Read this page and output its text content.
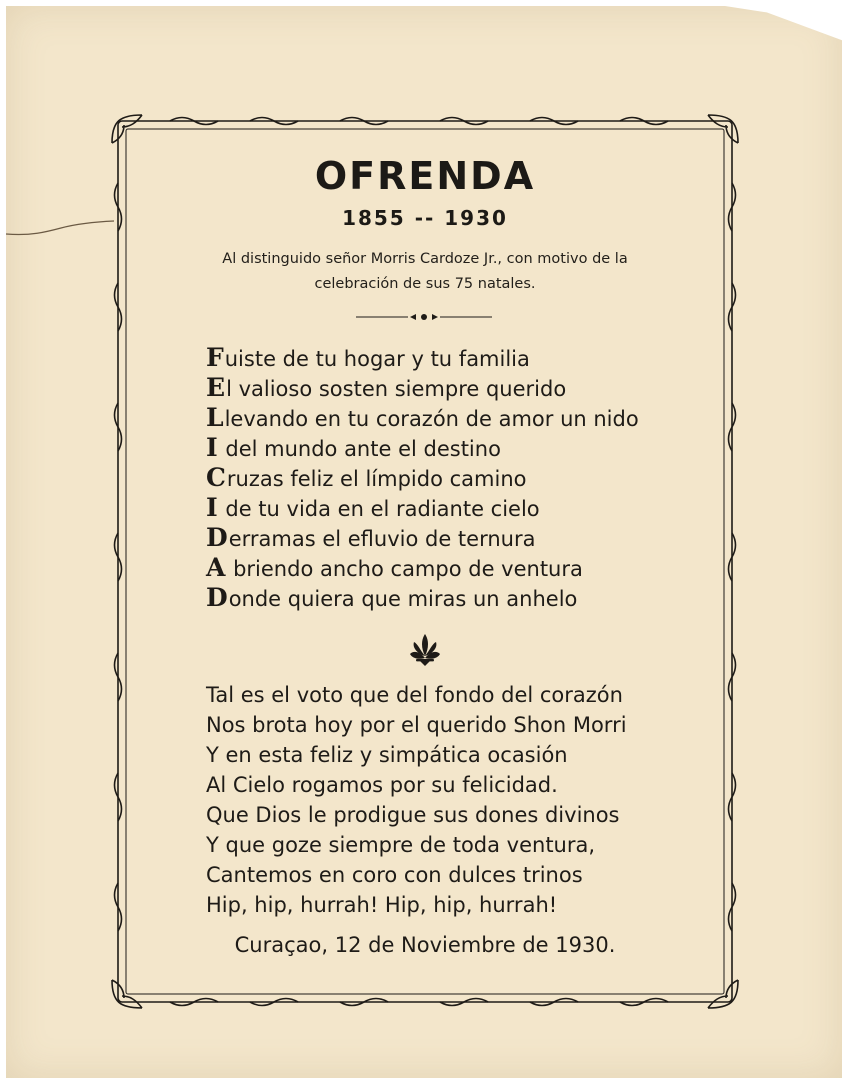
OFRENDA
1855 -- 1930
Al distinguido señor Morris Cardoze Jr., con motivo de la celebración de sus 75 natales.
Fuiste de tu hogar y tu familia
El valioso sosten siempre querido
Llevando en tu corazón de amor un nido
I del mundo ante el destino
Cruzas feliz el límpido camino
I de tu vida en el radiante cielo
Derramas el efluvio de ternura
A briendo ancho campo de ventura
Donde quiera que miras un anhelo
Tal es el voto que del fondo del corazón
Nos brota hoy por el querido Shon Morri
Y en esta feliz y simpática ocasión
Al Cielo rogamos por su felicidad.
Que Dios le prodigue sus dones divinos
Y que goze siempre de toda ventura,
Cantemos en coro con dulces trinos
Hip, hip, hurrah! Hip, hip, hurrah!
Curaçao, 12 de Noviembre de 1930.
